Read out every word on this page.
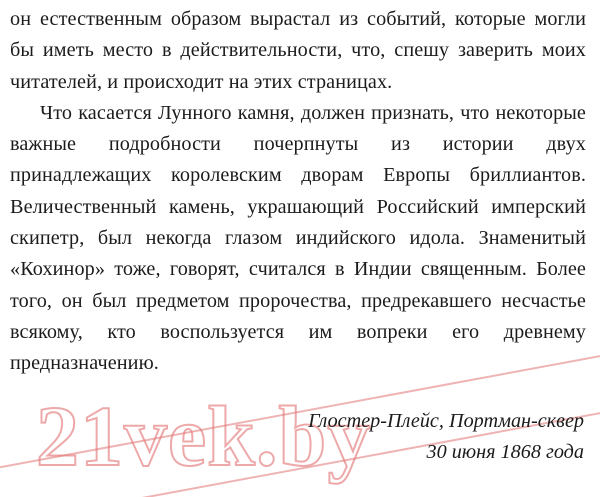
21vek.by

он естественным образом вырастал из событий, которые могли бы иметь место в действительности, что, спешу заверить моих читателей, и происходит на этих страницах.

Что касается Лунного камня, должен признать, что некоторые важные подробности почерпнуты из истории двух принадлежащих королевским дворам Европы бриллиантов. Величественный камень, украшающий Российский имперский скипетр, был некогда глазом индийского идола. Знаменитый «Кохинор» тоже, говорят, считался в Индии священным. Более того, он был предметом пророчества, предрекавшего несчастье всякому, кто воспользуется им вопреки его древнему предназначению.

Глостер-Плейс, Портман-сквер
30 июня 1868 года
